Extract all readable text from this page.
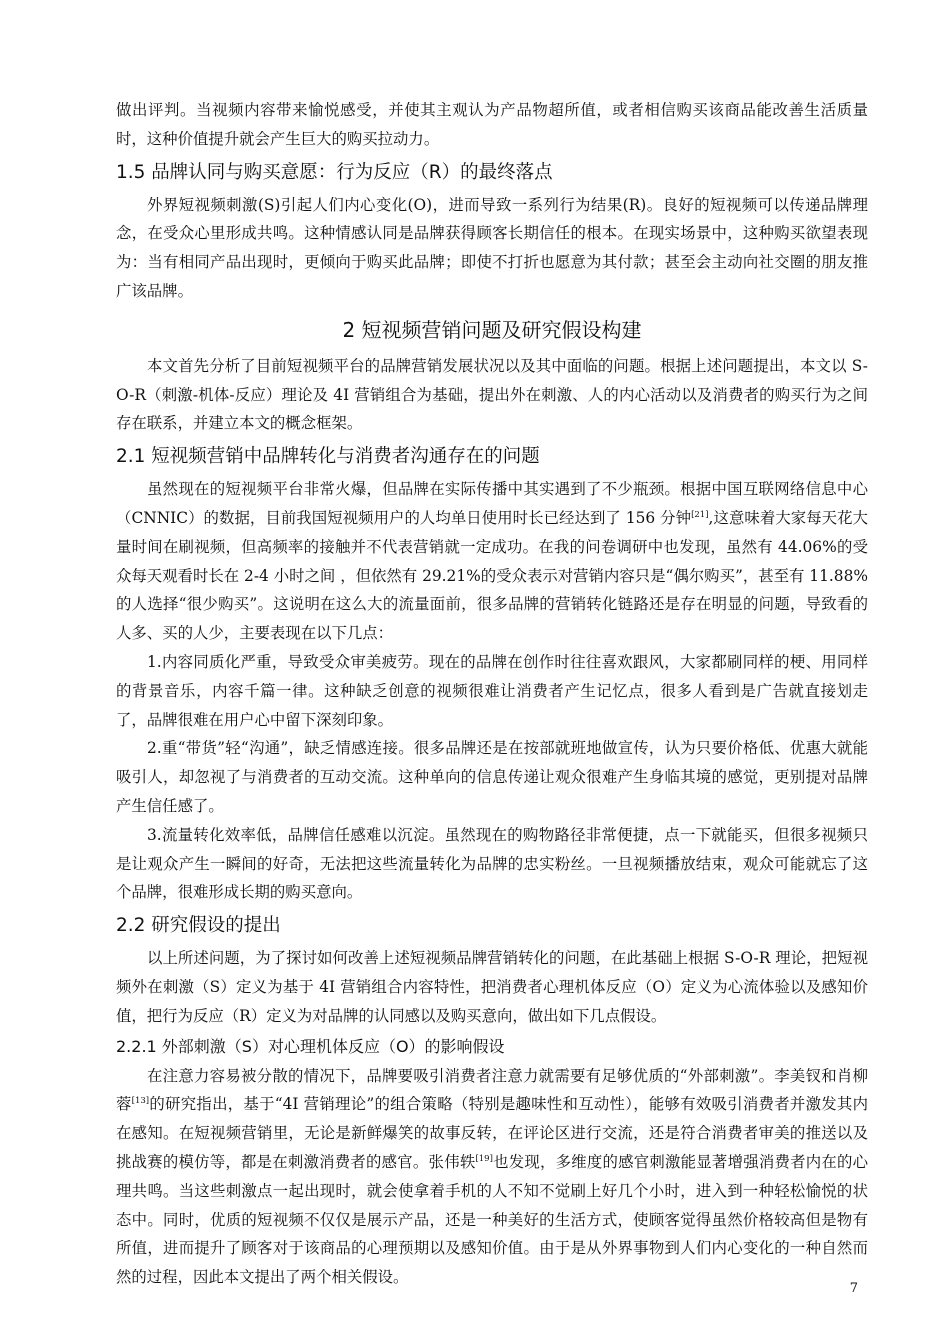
做出评判。当视频内容带来愉悦感受，并使其主观认为产品物超所值，或者相信购买该商品能改善生活质量时，这种价值提升就会产生巨大的购买拉动力。

1.5 品牌认同与购买意愿：行为反应（R）的最终落点

外界短视频刺激(S)引起人们内心变化(O)，进而导致一系列行为结果(R)。良好的短视频可以传递品牌理念，在受众心里形成共鸣。这种情感认同是品牌获得顾客长期信任的根本。在现实场景中，这种购买欲望表现为：当有相同产品出现时，更倾向于购买此品牌；即使不打折也愿意为其付款；甚至会主动向社交圈的朋友推广该品牌。

2 短视频营销问题及研究假设构建

本文首先分析了目前短视频平台的品牌营销发展状况以及其中面临的问题。根据上述问题提出，本文以 S-O-R（刺激-机体-反应）理论及 4I 营销组合为基础，提出外在刺激、人的内心活动以及消费者的购买行为之间存在联系，并建立本文的概念框架。

2.1 短视频营销中品牌转化与消费者沟通存在的问题

虽然现在的短视频平台非常火爆，但品牌在实际传播中其实遇到了不少瓶颈。根据中国互联网络信息中心（CNNIC）的数据，目前我国短视频用户的人均单日使用时长已经达到了 156 分钟[21],这意味着大家每天花大量时间在刷视频，但高频率的接触并不代表营销就一定成功。在我的问卷调研中也发现，虽然有 44.06%的受众每天观看时长在 2-4 小时之间 ，但依然有 29.21%的受众表示对营销内容只是“偶尔购买”，甚至有 11.88%的人选择“很少购买”。这说明在这么大的流量面前，很多品牌的营销转化链路还是存在明显的问题，导致看的人多、买的人少，主要表现在以下几点：

1.内容同质化严重，导致受众审美疲劳。现在的品牌在创作时往往喜欢跟风，大家都刷同样的梗、用同样的背景音乐，内容千篇一律。这种缺乏创意的视频很难让消费者产生记忆点，很多人看到是广告就直接划走了，品牌很难在用户心中留下深刻印象。

2.重“带货”轻“沟通”，缺乏情感连接。很多品牌还是在按部就班地做宣传，认为只要价格低、优惠大就能吸引人，却忽视了与消费者的互动交流。这种单向的信息传递让观众很难产生身临其境的感觉，更别提对品牌产生信任感了。

3.流量转化效率低，品牌信任感难以沉淀。虽然现在的购物路径非常便捷，点一下就能买，但很多视频只是让观众产生一瞬间的好奇，无法把这些流量转化为品牌的忠实粉丝。一旦视频播放结束，观众可能就忘了这个品牌，很难形成长期的购买意向。

2.2 研究假设的提出

以上所述问题，为了探讨如何改善上述短视频品牌营销转化的问题，在此基础上根据 S-O-R 理论，把短视频外在刺激（S）定义为基于 4I 营销组合内容特性，把消费者心理机体反应（O）定义为心流体验以及感知价值，把行为反应（R）定义为对品牌的认同感以及购买意向，做出如下几点假设。

2.2.1 外部刺激（S）对心理机体反应（O）的影响假设

在注意力容易被分散的情况下，品牌要吸引消费者注意力就需要有足够优质的“外部刺激”。李美钗和肖柳蓉[13]的研究指出，基于“4I 营销理论”的组合策略（特别是趣味性和互动性），能够有效吸引消费者并激发其内在感知。在短视频营销里，无论是新鲜爆笑的故事反转，在评论区进行交流，还是符合消费者审美的推送以及挑战赛的模仿等，都是在刺激消费者的感官。张伟轶[19]也发现，多维度的感官刺激能显著增强消费者内在的心理共鸣。当这些刺激点一起出现时，就会使拿着手机的人不知不觉刷上好几个小时，进入到一种轻松愉悦的状态中。同时，优质的短视频不仅仅是展示产品，还是一种美好的生活方式，使顾客觉得虽然价格较高但是物有所值，进而提升了顾客对于该商品的心理预期以及感知价值。由于是从外界事物到人们内心变化的一种自然而然的过程，因此本文提出了两个相关假设。

7
